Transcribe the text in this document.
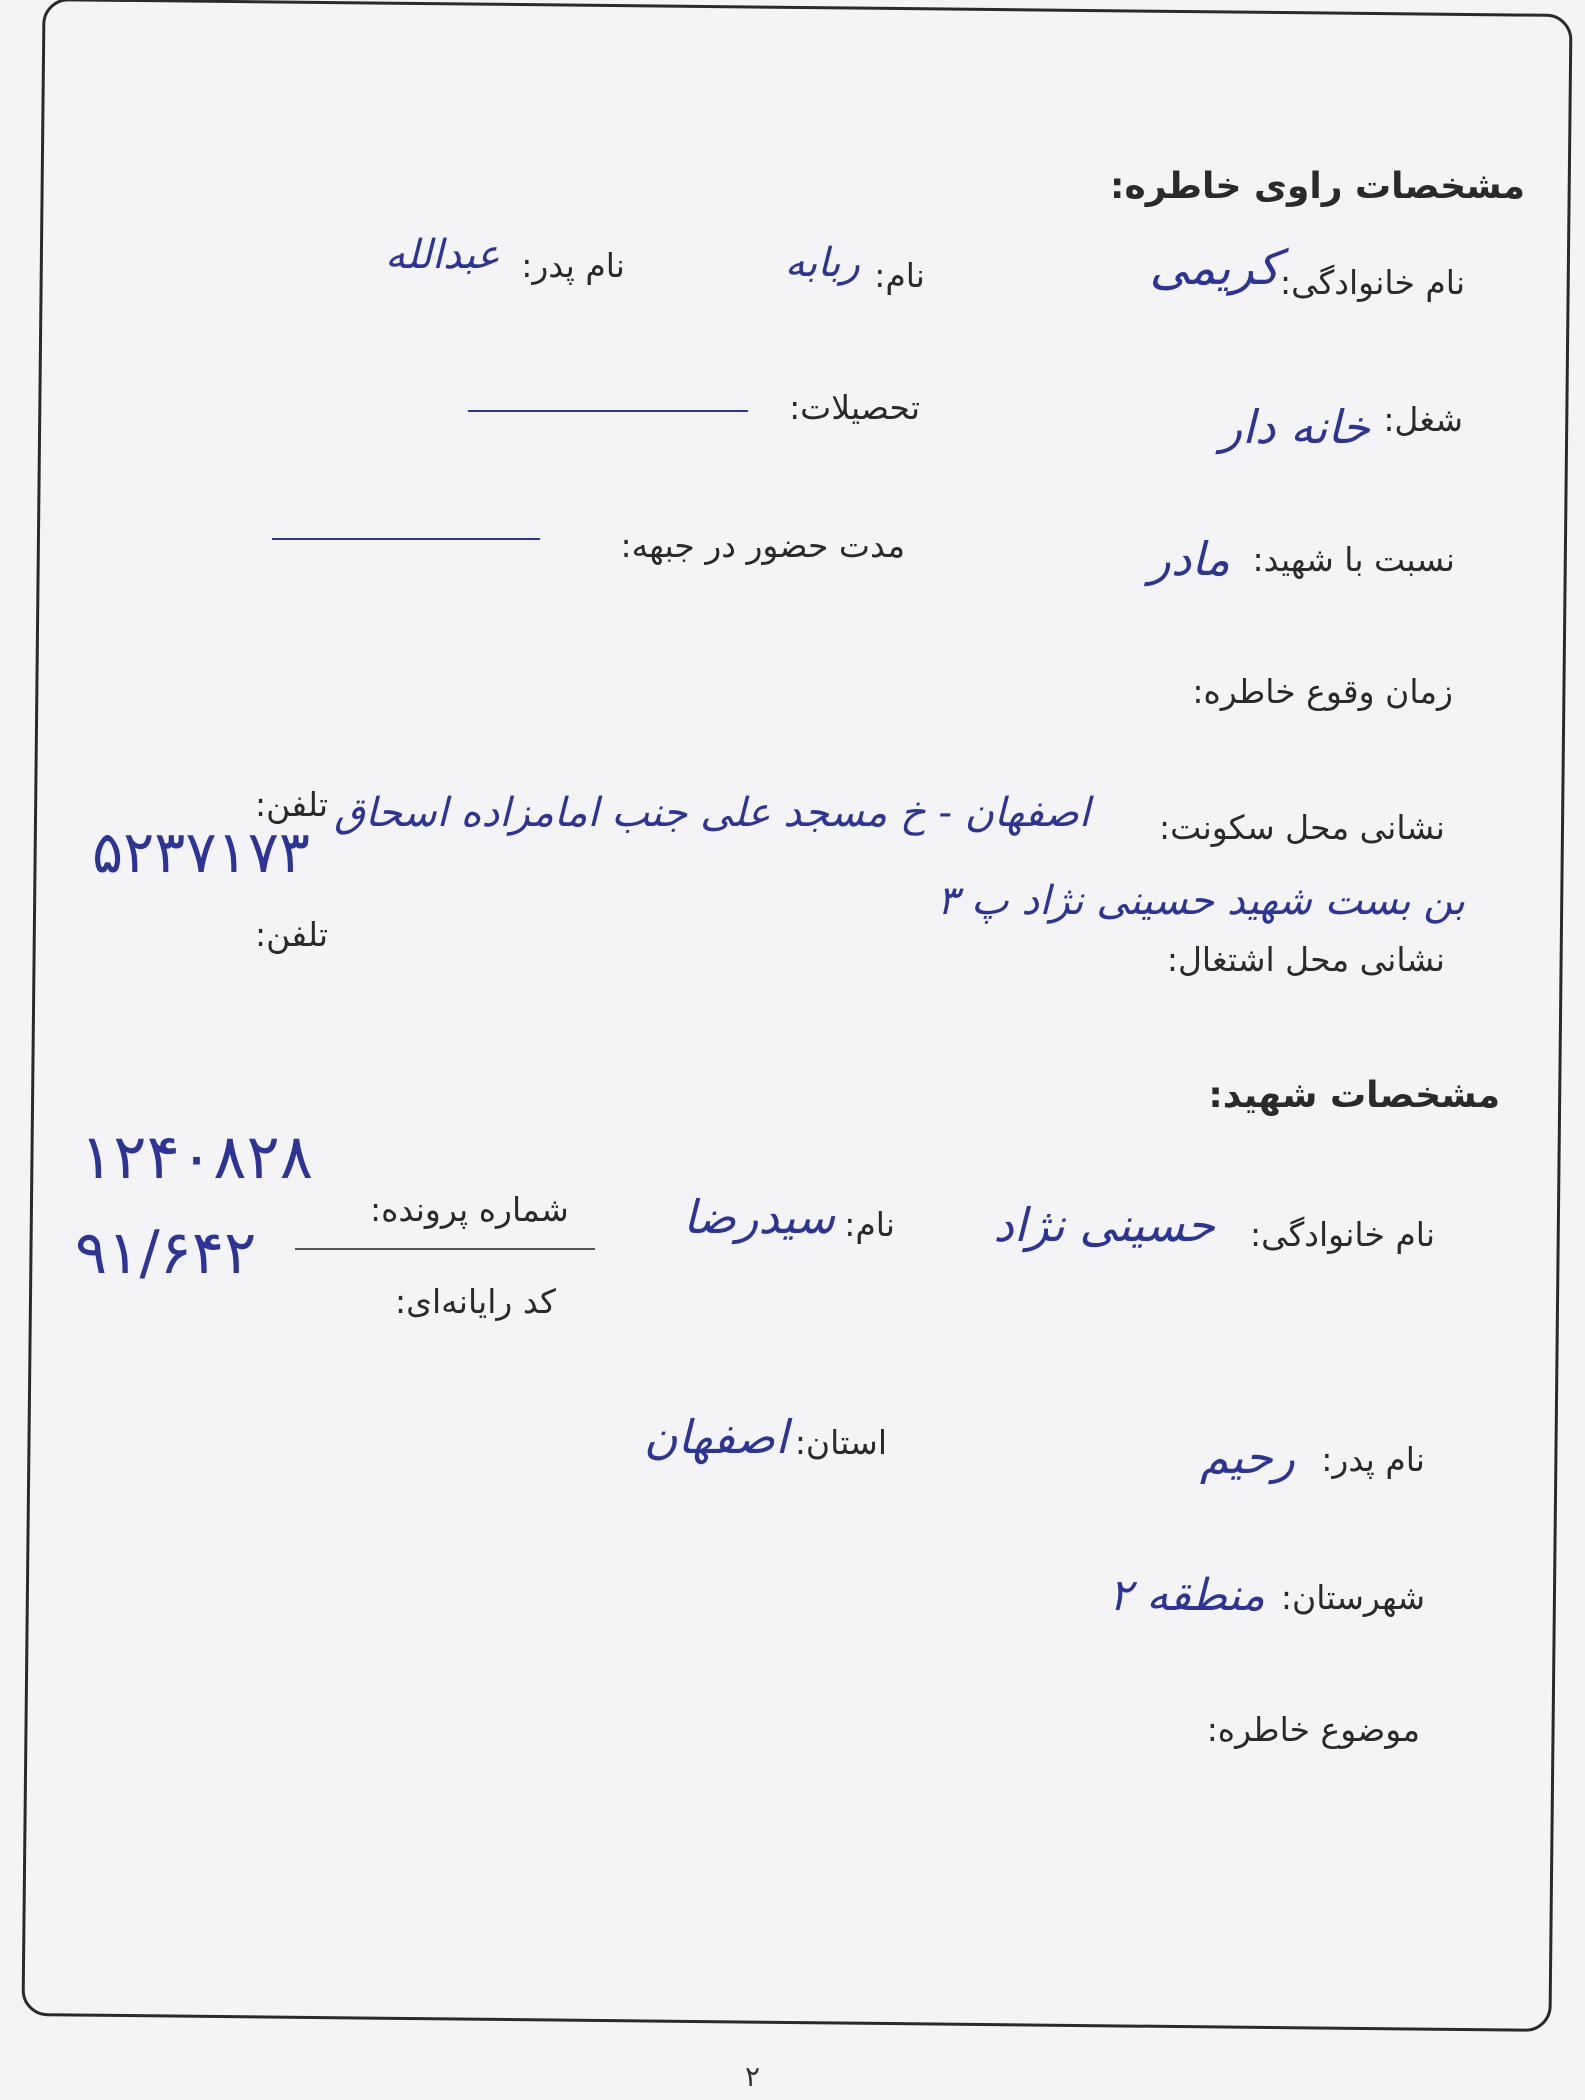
مشخصات راوی خاطره:
نام خانوادگی:
کریمی
نام:
ربابه
نام پدر:
عبدالله
شغل:
خانه دار
تحصیلات:
نسبت با شهید:
مادر
مدت حضور در جبهه:
زمان وقوع خاطره:
نشانی محل سکونت:
اصفهان - خ مسجد علی جنب امامزاده اسحاق
بن بست شهید حسینی نژاد پ ۳
تلفن:
۵۲۳۷۱۷۳
نشانی محل اشتغال:
تلفن:
مشخصات شهید:
۱۲۴۰۸۲۸
شماره پرونده:
۹۱/۶۴۲
کد رایانه‌ای:
نام خانوادگی:
حسینی نژاد
نام:
سیدرضا
نام پدر:
رحیم
استان:
اصفهان
شهرستان:
منطقه ۲
موضوع خاطره:
۲
